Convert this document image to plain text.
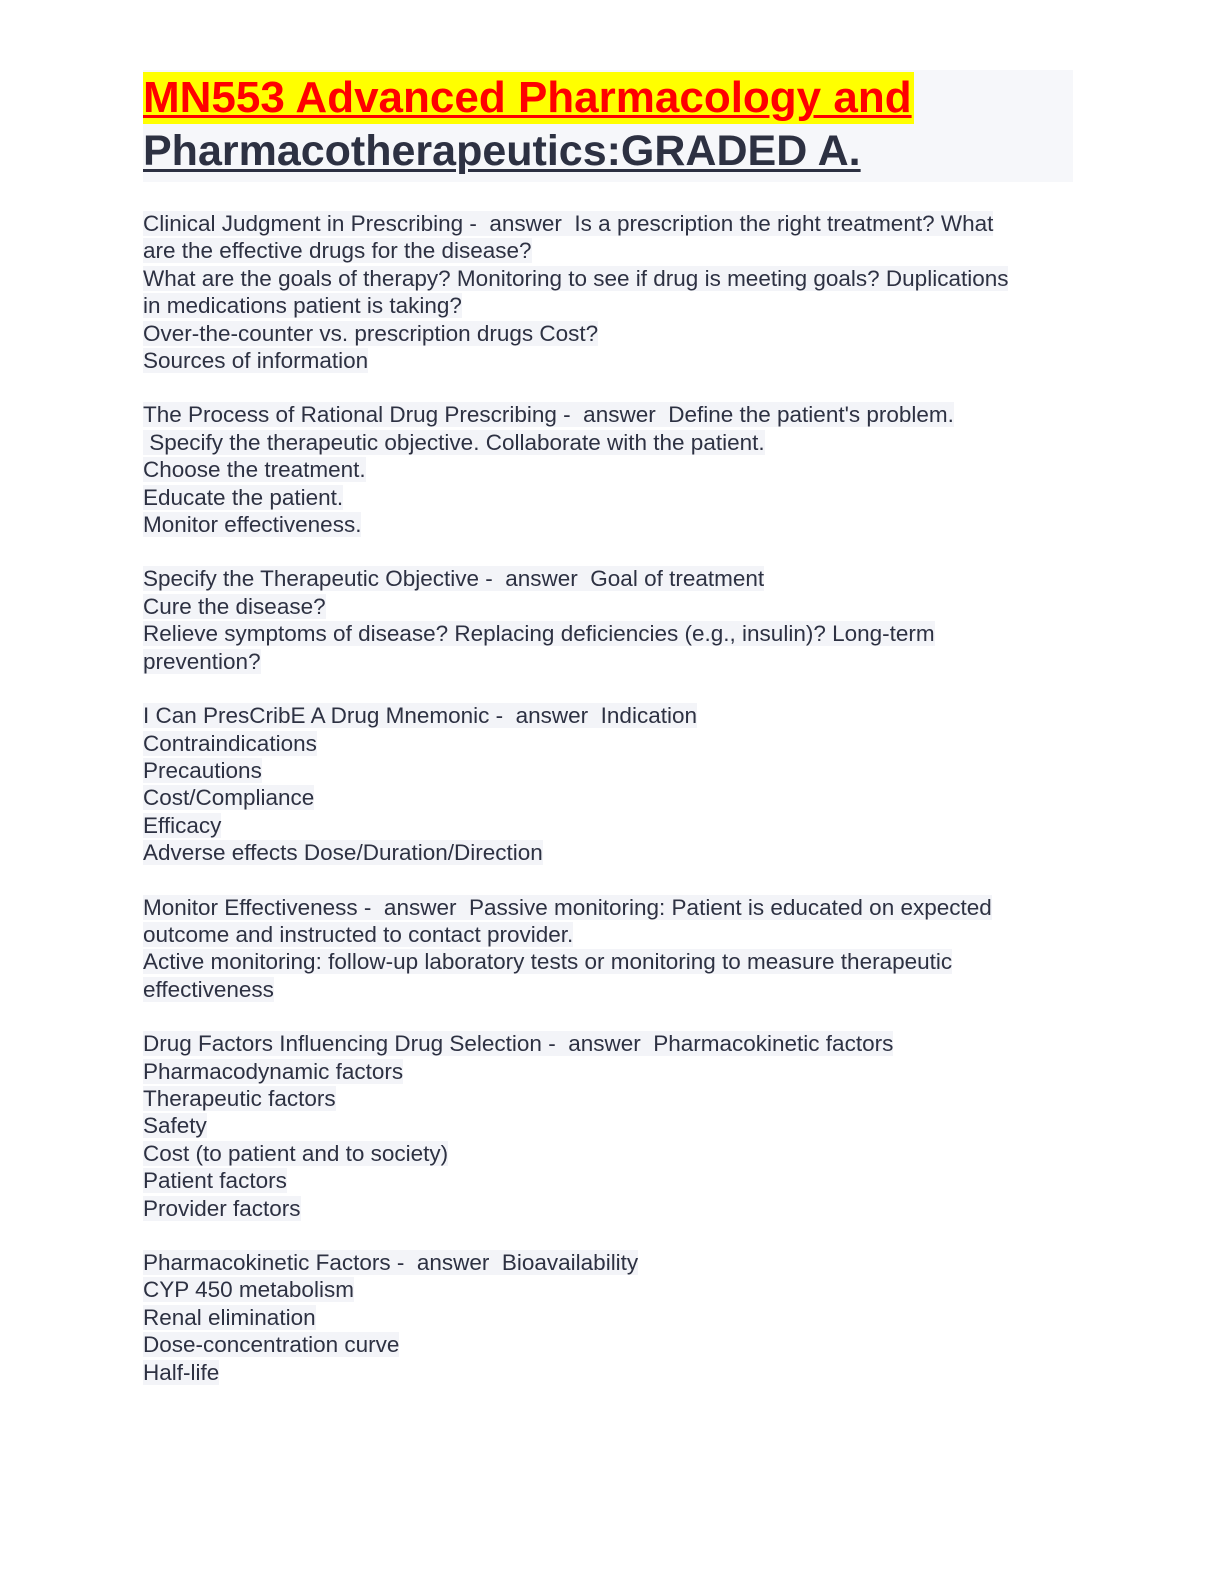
MN553 Advanced Pharmacology and
Pharmacotherapeutics:GRADED A.
Clinical Judgment in Prescribing -  answer  Is a prescription the right treatment? What
are the effective drugs for the disease?
What are the goals of therapy? Monitoring to see if drug is meeting goals? Duplications
in medications patient is taking?
Over-the-counter vs. prescription drugs Cost?
Sources of information
The Process of Rational Drug Prescribing -  answer  Define the patient's problem.
Specify the therapeutic objective. Collaborate with the patient.
Choose the treatment.
Educate the patient.
Monitor effectiveness.
Specify the Therapeutic Objective -  answer  Goal of treatment
Cure the disease?
Relieve symptoms of disease? Replacing deficiencies (e.g., insulin)? Long-term
prevention?
I Can PresCribE A Drug Mnemonic -  answer  Indication
Contraindications
Precautions
Cost/Compliance
Efficacy
Adverse effects Dose/Duration/Direction
Monitor Effectiveness -  answer  Passive monitoring: Patient is educated on expected
outcome and instructed to contact provider.
Active monitoring: follow-up laboratory tests or monitoring to measure therapeutic
effectiveness
Drug Factors Influencing Drug Selection -  answer  Pharmacokinetic factors
Pharmacodynamic factors
Therapeutic factors
Safety
Cost (to patient and to society)
Patient factors
Provider factors
Pharmacokinetic Factors -  answer  Bioavailability
CYP 450 metabolism
Renal elimination
Dose-concentration curve
Half-life
